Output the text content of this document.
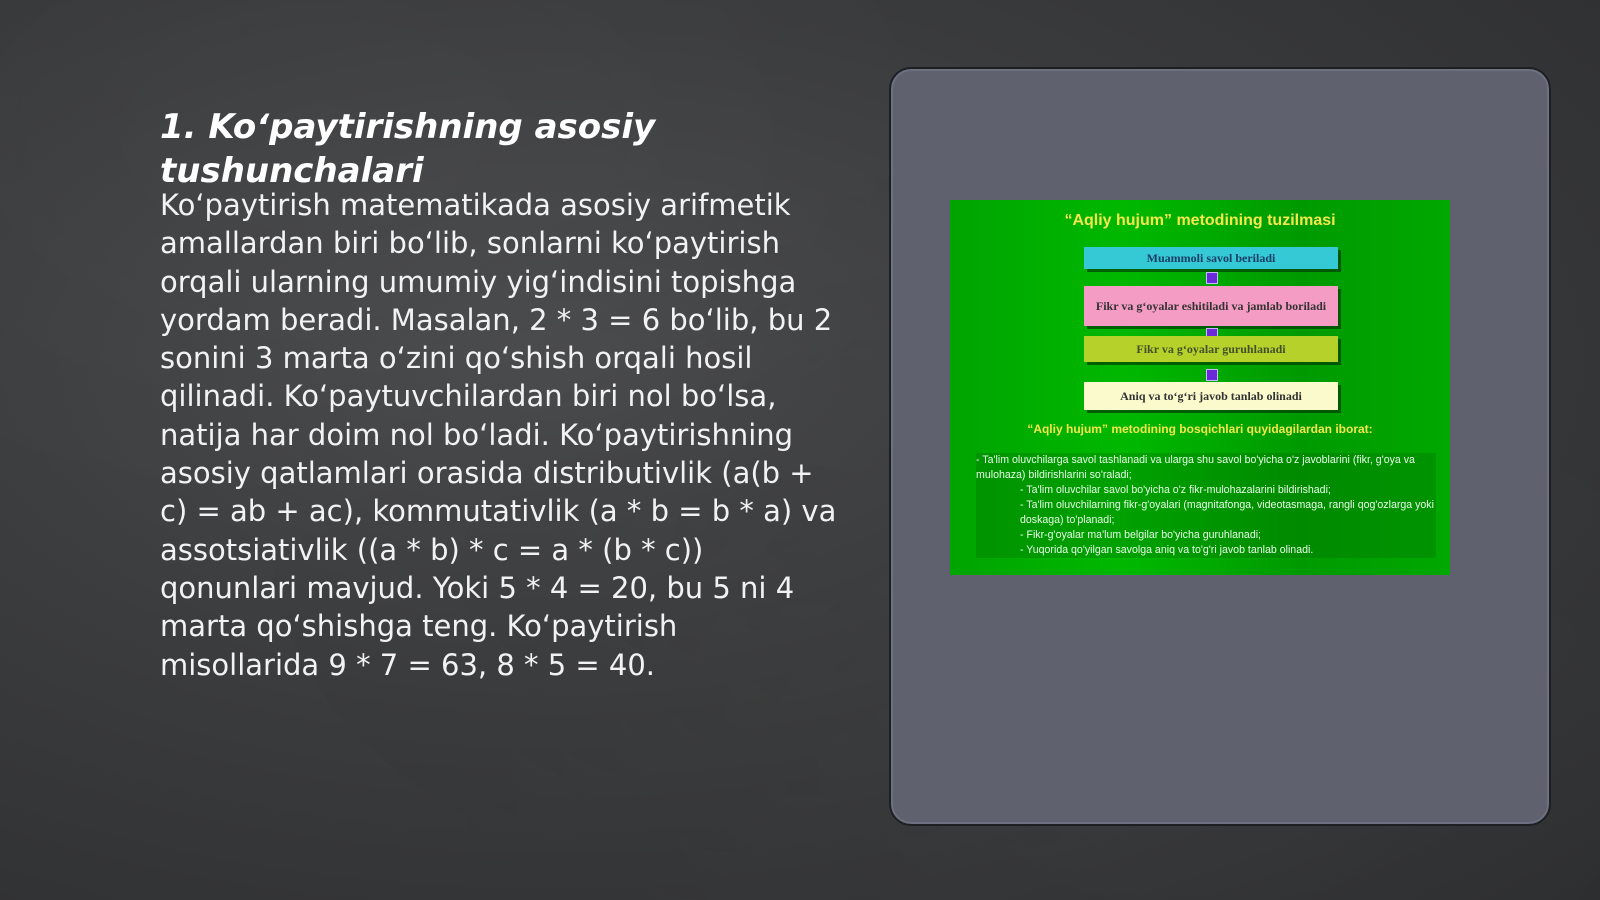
1. Ko‘paytirishning asosiy tushunchalari
Ko‘paytirish matematikada asosiy arifmetik amallardan biri bo‘lib, sonlarni ko‘paytirish orqali ularning umumiy yig‘indisini topishga yordam beradi. Masalan, 2 * 3 = 6 bo‘lib, bu 2 sonini 3 marta o‘zini qo‘shish orqali hosil qilinadi. Ko‘paytuvchilardan biri nol bo‘lsa, natija har doim nol bo‘ladi. Ko‘paytirishning asosiy qatlamlari orasida distributivlik (a(b + c) = ab + ac), kommutativlik (a * b = b * a) va assotsiativlik ((a * b) * c = a * (b * c)) qonunlari mavjud. Yoki 5 * 4 = 20, bu 5 ni 4 marta qo‘shishga teng. Ko‘paytirish misollarida 9 * 7 = 63, 8 * 5 = 40.
“Aqliy hujum” metodining tuzilmasi
Muammoli savol beriladi
Fikr va g‘oyalar eshitiladi va jamlab boriladi
Fikr va g‘oyalar guruhlanadi
Aniq va to‘g‘ri javob tanlab olinadi
“Aqliy hujum” metodining bosqichlari quyidagilardan iborat:

- Ta'lim oluvchilarga savol tashlanadi va ularga shu savol bo'yicha o'z javoblarini (fikr, g'oya va mulohaza) bildirishlarini so'raladi;

- Ta'lim oluvchilar savol bo'yicha o'z fikr-mulohazalarini bildirishadi;

- Ta'lim oluvchilarning fikr-g'oyalari (magnitafonga, videotasmaga, rangli qog'ozlarga yoki doskaga) to'planadi;

- Fikr-g'oyalar ma'lum belgilar bo'yicha guruhlanadi;

- Yuqorida qo'yilgan savolga aniq va to'g'ri javob tanlab olinadi.
